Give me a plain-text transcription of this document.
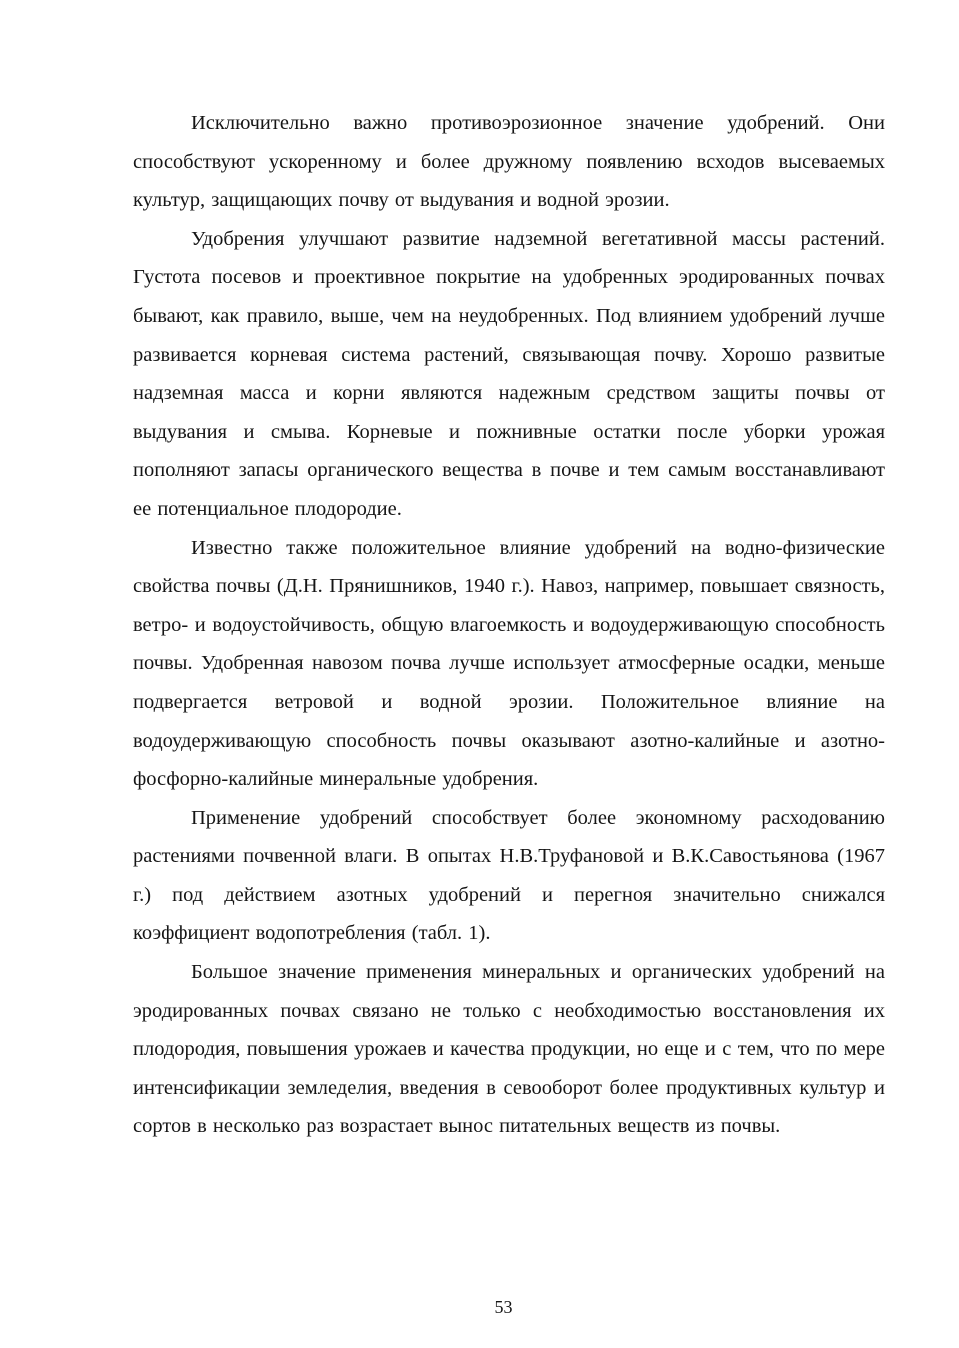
Исключительно важно противоэрозионное значение удобрений. Они способствуют ускоренному и более дружному появлению всходов высеваемых культур, защищающих почву от выдувания и водной эрозии.

Удобрения улучшают развитие надземной вегетативной массы растений. Густота посевов и проективное покрытие на удобренных эродированных почвах бывают, как правило, выше, чем на неудобренных. Под влиянием удобрений лучше развивается корневая система растений, связывающая почву. Хорошо развитые надземная масса и корни являются надежным средством защиты почвы от выдувания и смыва. Корневые и пожнивные остатки после уборки урожая пополняют запасы органического вещества в почве и тем самым восстанавливают ее потенциальное плодородие.

Известно также положительное влияние удобрений на водно-физические свойства почвы (Д.Н. Прянишников, 1940 г.). Навоз, например, повышает связность, ветро- и водоустойчивость, общую влагоемкость и водоудерживающую способность почвы. Удобренная навозом почва лучше использует атмосферные осадки, меньше подвергается ветровой и водной эрозии. Положительное влияние на водоудерживающую способность почвы оказывают азотно-калийные и азотно-фосфорно-калийные минеральные удобрения.

Применение удобрений способствует более экономному расходованию растениями почвенной влаги. В опытах Н.В.Труфановой и В.К.Савостьянова (1967 г.) под действием азотных удобрений и перегноя значительно снижался коэффициент водопотребления (табл. 1).

Большое значение применения минеральных и органических удобрений на эродированных почвах связано не только с необходимостью восстановления их плодородия, повышения урожаев и качества продукции, но еще и с тем, что по мере интенсификации земледелия, введения в севооборот более продуктивных культур и сортов в несколько раз возрастает вынос питательных веществ из почвы.

53
